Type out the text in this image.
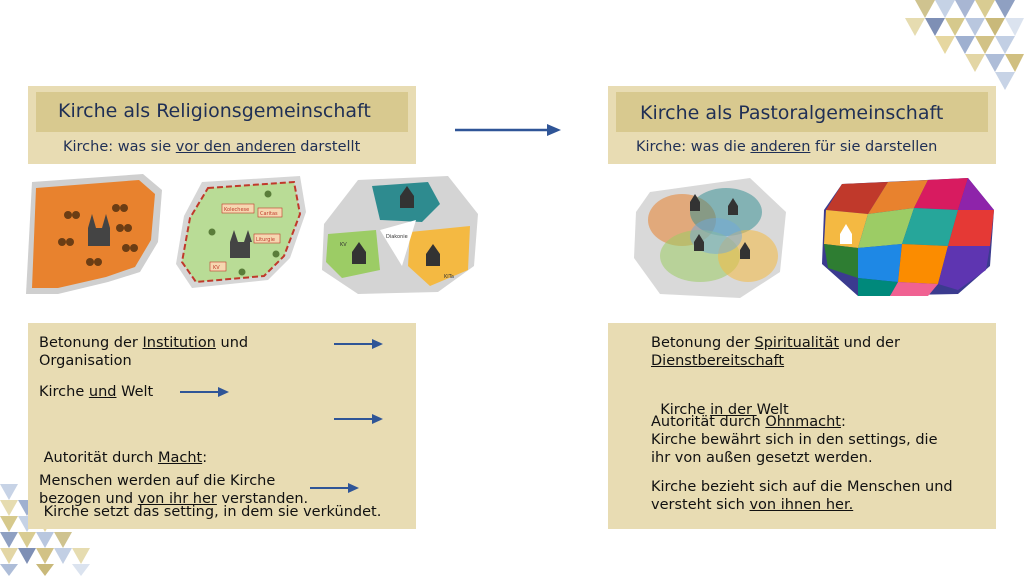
Kirche als Religionsgemeinschaft
Kirche: was sie vor den anderen darstellt
Kirche als Pastoralgemeinschaft
Kirche: was die anderen für sie darstellen
Kolechese
Caritas
Liturgie
KV
KV
Diakonie
KiTa
Betonung der Institution und
Organisation
Kirche und Welt

Autorität durch Macht:

Kirche setzt das setting, in dem sie verkündet.

Menschen werden auf die Kirche
bezogen und von ihr her verstanden.
Betonung der Spiritualität und der
Dienstbereitschaft

Kirche in der Welt

Autorität durch Ohnmacht:
Kirche bewährt sich in den settings, die
ihr von außen gesetzt werden.
Kirche bezieht sich auf die Menschen und
versteht sich von ihnen her.
